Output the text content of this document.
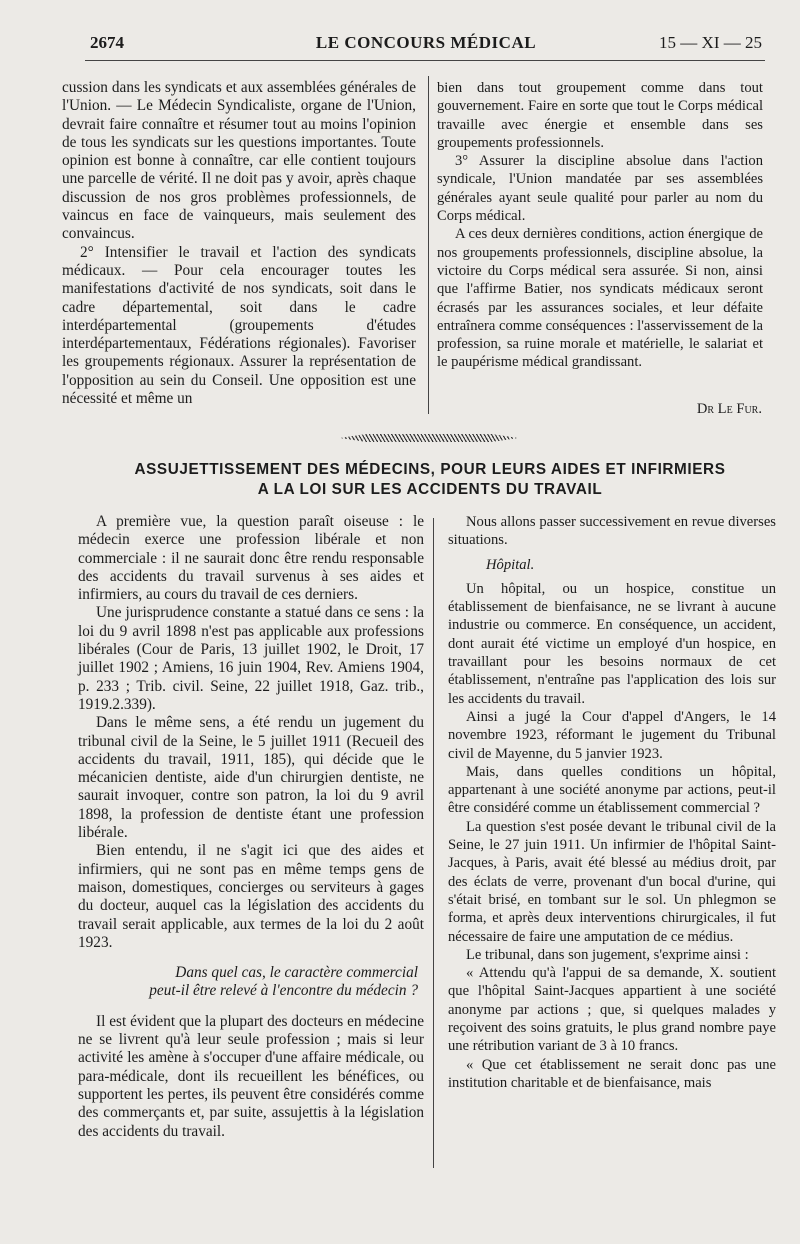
2674	LE CONCOURS MÉDICAL	15 — XI — 25

cussion dans les syndicats et aux assemblées générales de l'Union. — Le Médecin Syndicaliste, organe de l'Union, devrait faire connaître et résumer tout au moins l'opinion de tous les syndicats sur les questions importantes. Toute opinion est bonne à connaître, car elle contient toujours une parcelle de vérité. Il ne doit pas y avoir, après chaque discussion de nos gros problèmes professionnels, de vaincus en face de vainqueurs, mais seulement des convaincus.

2° Intensifier le travail et l'action des syndicats médicaux. — Pour cela encourager toutes les manifestations d'activité de nos syndicats, soit dans le cadre départemental, soit dans le cadre interdépartemental (groupements d'études interdépartementaux, Fédérations régionales). Favoriser les groupements régionaux. Assurer la représentation de l'opposition au sein du Conseil. Une opposition est une nécessité et même un

bien dans tout groupement comme dans tout gouvernement. Faire en sorte que tout le Corps médical travaille avec énergie et ensemble dans ses groupements professionnels.

3° Assurer la discipline absolue dans l'action syndicale, l'Union mandatée par ses assemblées générales ayant seule qualité pour parler au nom du Corps médical.

A ces deux dernières conditions, action énergique de nos groupements professionnels, discipline absolue, la victoire du Corps médical sera assurée. Si non, ainsi que l'affirme Batier, nos syndicats médicaux seront écrasés par les assurances sociales, et leur défaite entraînera comme conséquences : l'asservissement de la profession, sa ruine morale et matérielle, le salariat et le paupérisme médical grandissant.

Dr Le Fur.
ASSUJETTISSEMENT DES MÉDECINS, POUR LEURS AIDES ET INFIRMIERS
A LA LOI SUR LES ACCIDENTS DU TRAVAIL

A première vue, la question paraît oiseuse : le médecin exerce une profession libérale et non commerciale : il ne saurait donc être rendu responsable des accidents du travail survenus à ses aides et infirmiers, au cours du travail de ces derniers.

Une jurisprudence constante a statué dans ce sens : la loi du 9 avril 1898 n'est pas applicable aux professions libérales (Cour de Paris, 13 juillet 1902, le Droit, 17 juillet 1902 ; Amiens, 16 juin 1904, Rev. Amiens 1904, p. 233 ; Trib. civil. Seine, 22 juillet 1918, Gaz. trib., 1919.2.339).

Dans le même sens, a été rendu un jugement du tribunal civil de la Seine, le 5 juillet 1911 (Recueil des accidents du travail, 1911, 185), qui décide que le mécanicien dentiste, aide d'un chirurgien dentiste, ne saurait invoquer, contre son patron, la loi du 9 avril 1898, la profession de dentiste étant une profession libérale.

Bien entendu, il ne s'agit ici que des aides et infirmiers, qui ne sont pas en même temps gens de maison, domestiques, concierges ou serviteurs à gages du docteur, auquel cas la législation des accidents du travail serait applicable, aux termes de la loi du 2 août 1923.

Dans quel cas, le caractère commercial
peut-il être relevé à l'encontre du médecin ?

Il est évident que la plupart des docteurs en médecine ne se livrent qu'à leur seule profession ; mais si leur activité les amène à s'occuper d'une affaire médicale, ou para-médicale, dont ils recueillent les bénéfices, ou supportent les pertes, ils peuvent être considérés comme des commerçants et, par suite, assujettis à la législation des accidents du travail.

Nous allons passer successivement en revue diverses situations.

Hôpital.

Un hôpital, ou un hospice, constitue un établissement de bienfaisance, ne se livrant à aucune industrie ou commerce. En conséquence, un accident, dont aurait été victime un employé d'un hospice, en travaillant pour les besoins normaux de cet établissement, n'entraîne pas l'application des lois sur les accidents du travail.

Ainsi a jugé la Cour d'appel d'Angers, le 14 novembre 1923, réformant le jugement du Tribunal civil de Mayenne, du 5 janvier 1923.

Mais, dans quelles conditions un hôpital, appartenant à une société anonyme par actions, peut-il être considéré comme un établissement commercial ?

La question s'est posée devant le tribunal civil de la Seine, le 27 juin 1911. Un infirmier de l'hôpital Saint-Jacques, à Paris, avait été blessé au médius droit, par des éclats de verre, provenant d'un bocal d'urine, qui s'était brisé, en tombant sur le sol. Un phlegmon se forma, et après deux interventions chirurgicales, il fut nécessaire de faire une amputation de ce médius.

Le tribunal, dans son jugement, s'exprime ainsi :

« Attendu qu'à l'appui de sa demande, X. soutient que l'hôpital Saint-Jacques appartient à une société anonyme par actions ; que, si quelques malades y reçoivent des soins gratuits, le plus grand nombre paye une rétribution variant de 3 à 10 francs.

« Que cet établissement ne serait donc pas une institution charitable et de bienfaisance, mais
